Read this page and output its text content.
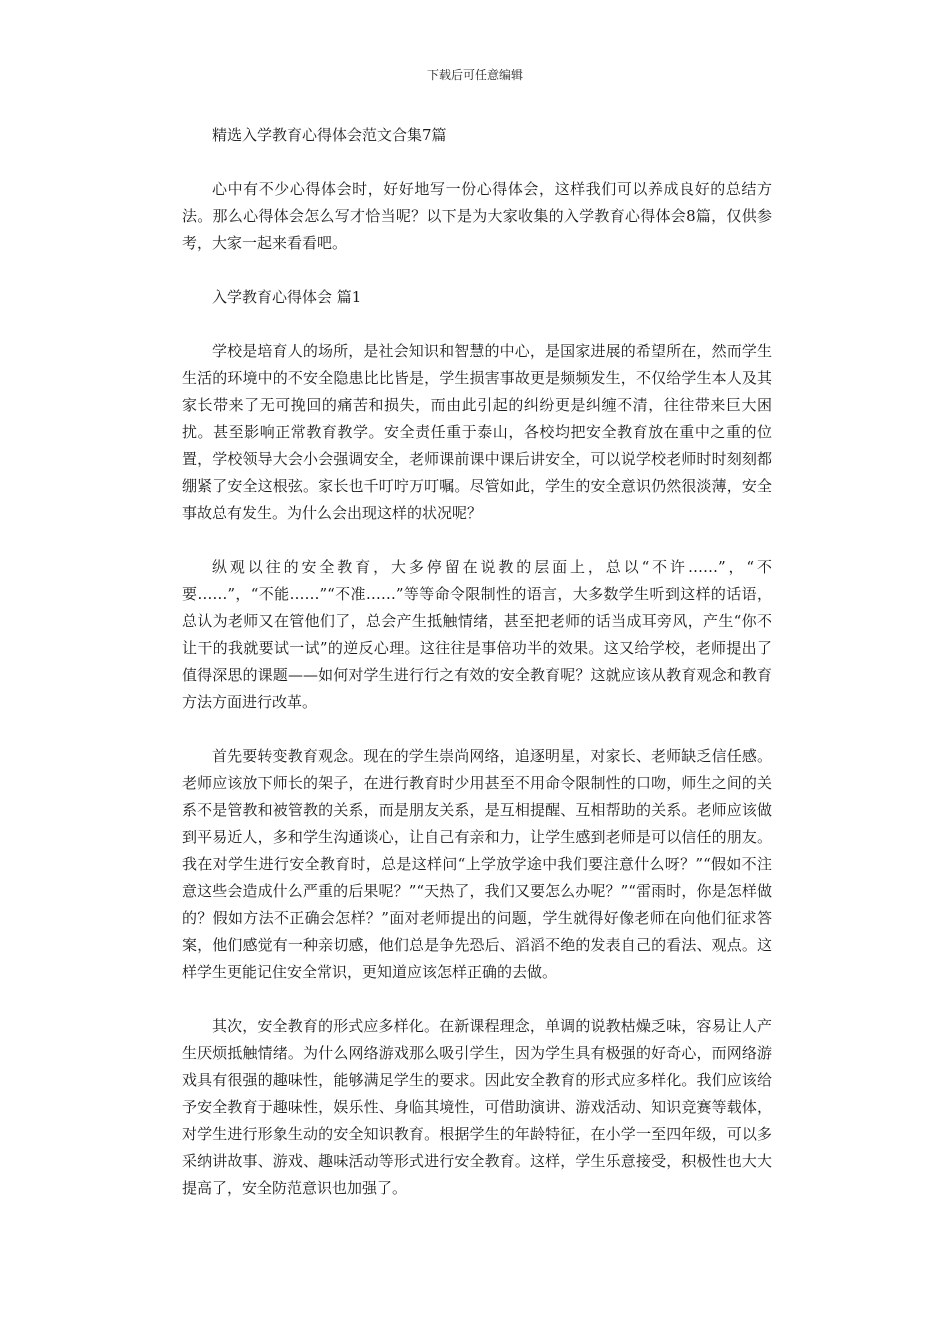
下载后可任意编辑
精选入学教育心得体会范文合集7篇

心中有不少心得体会时，好好地写一份心得体会，这样我们可以养成良好的总结方法。那么心得体会怎么写才恰当呢？以下是为大家收集的入学教育心得体会8篇，仅供参考，大家一起来看看吧。

入学教育心得体会 篇1

学校是培育人的场所，是社会知识和智慧的中心，是国家进展的希望所在，然而学生生活的环境中的不安全隐患比比皆是，学生损害事故更是频频发生，不仅给学生本人及其家长带来了无可挽回的痛苦和损失，而由此引起的纠纷更是纠缠不清，往往带来巨大困扰。甚至影响正常教育教学。安全责任重于泰山，各校均把安全教育放在重中之重的位置，学校领导大会小会强调安全，老师课前课中课后讲安全，可以说学校老师时时刻刻都绷紧了安全这根弦。家长也千叮咛万叮嘱。尽管如此，学生的安全意识仍然很淡薄，安全事故总有发生。为什么会出现这样的状况呢？

纵观以往的安全教育，大多停留在说教的层面上，总以“不许……”，“不要……”，“不能……”“不准……”等等命令限制性的语言，大多数学生听到这样的话语，总认为老师又在管他们了，总会产生抵触情绪，甚至把老师的话当成耳旁风，产生“你不让干的我就要试一试”的逆反心理。这往往是事倍功半的效果。这又给学校，老师提出了值得深思的课题——如何对学生进行行之有效的安全教育呢？这就应该从教育观念和教育方法方面进行改革。

首先要转变教育观念。现在的学生崇尚网络，追逐明星，对家长、老师缺乏信任感。老师应该放下师长的架子，在进行教育时少用甚至不用命令限制性的口吻，师生之间的关系不是管教和被管教的关系，而是朋友关系，是互相提醒、互相帮助的关系。老师应该做到平易近人，多和学生沟通谈心，让自己有亲和力，让学生感到老师是可以信任的朋友。我在对学生进行安全教育时，总是这样问“上学放学途中我们要注意什么呀？”“假如不注意这些会造成什么严重的后果呢？”“天热了，我们又要怎么办呢？”“雷雨时，你是怎样做的？假如方法不正确会怎样？”面对老师提出的问题，学生就得好像老师在向他们征求答案，他们感觉有一种亲切感，他们总是争先恐后、滔滔不绝的发表自己的看法、观点。这样学生更能记住安全常识，更知道应该怎样正确的去做。

其次，安全教育的形式应多样化。在新课程理念，单调的说教枯燥乏味，容易让人产生厌烦抵触情绪。为什么网络游戏那么吸引学生，因为学生具有极强的好奇心，而网络游戏具有很强的趣味性，能够满足学生的要求。因此安全教育的形式应多样化。我们应该给予安全教育于趣味性，娱乐性、身临其境性，可借助演讲、游戏活动、知识竞赛等载体，对学生进行形象生动的安全知识教育。根据学生的年龄特征，在小学一至四年级，可以多采纳讲故事、游戏、趣味活动等形式进行安全教育。这样，学生乐意接受，积极性也大大提高了，安全防范意识也加强了。
